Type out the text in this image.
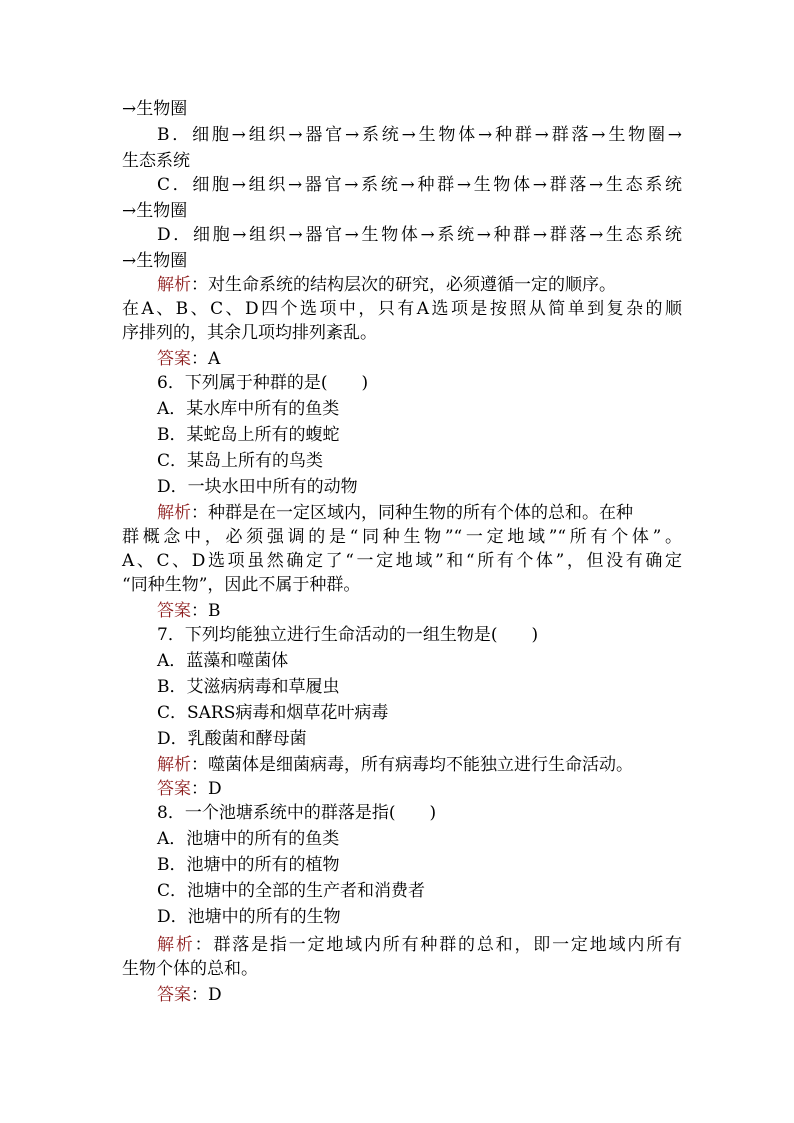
→生物圈
B．细胞→组织→器官→系统→生物体→种群→群落→生物圈→
生态系统
C．细胞→组织→器官→系统→种群→生物体→群落→生态系统
→生物圈
D．细胞→组织→器官→生物体→系统→种群→群落→生态系统
→生物圈
解析：对生命系统的结构层次的研究，必须遵循一定的顺序。
在A、B、C、D四个选项中，只有A选项是按照从简单到复杂的顺
序排列的，其余几项均排列紊乱。
答案：A
6．下列属于种群的是(　　)
A．某水库中所有的鱼类
B．某蛇岛上所有的蝮蛇
C．某岛上所有的鸟类
D．一块水田中所有的动物
解析：种群是在一定区域内，同种生物的所有个体的总和。在种
群概念中，必须强调的是“同种生物”“一定地域”“所有个体”。
A、C、D选项虽然确定了“一定地域”和“所有个体”，但没有确定
“同种生物”，因此不属于种群。
答案：B
7．下列均能独立进行生命活动的一组生物是(　　)
A．蓝藻和噬菌体
B．艾滋病病毒和草履虫
C．SARS病毒和烟草花叶病毒
D．乳酸菌和酵母菌
解析：噬菌体是细菌病毒，所有病毒均不能独立进行生命活动。
答案：D
8．一个池塘系统中的群落是指(　　)
A．池塘中的所有的鱼类
B．池塘中的所有的植物
C．池塘中的全部的生产者和消费者
D．池塘中的所有的生物
解析：群落是指一定地域内所有种群的总和，即一定地域内所有
生物个体的总和。
答案：D
